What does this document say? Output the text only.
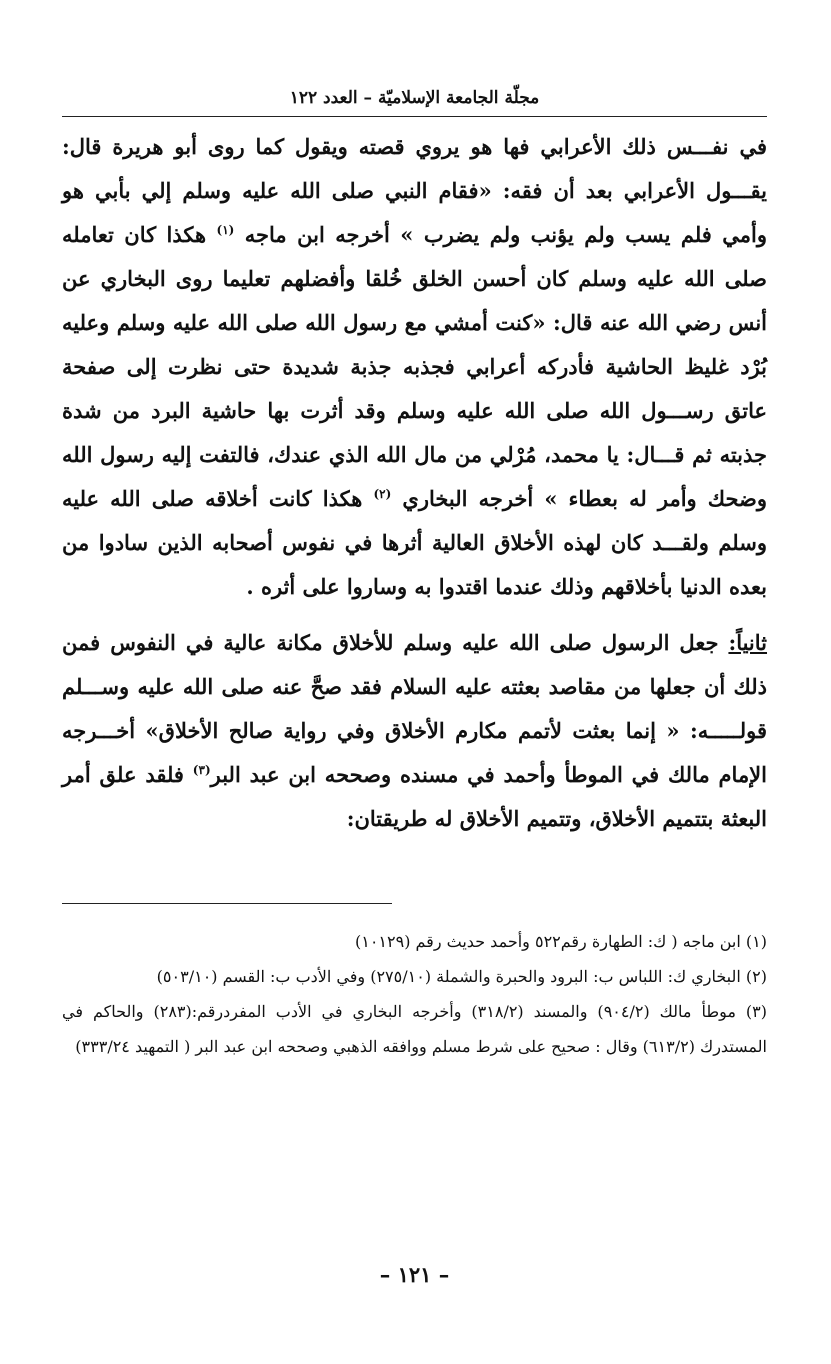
مجلّة الجامعة الإسلاميّة – العدد ١٢٢

في نفـــس ذلك الأعرابي فها هو يروي قصته ويقول كما روى أبو هريرة قال: يقـــول الأعرابي بعد أن فقه: «فقام النبي صلى الله عليه وسلم إلي بأبي هو وأمي فلم يسب ولم يؤنب ولم يضرب » أخرجه ابن ماجه $^{(١)}$ هكذا كان تعامله صلى الله عليه وسلم كان أحسن الخلق خُلقا وأفضلهم تعليما روى البخاري عن أنس رضي الله عنه قال: «كنت أمشي مع رسول الله صلى الله عليه وسلم وعليه بُرْد غليظ الحاشية فأدركه أعرابي فجذبه جذبة شديدة حتى نظرت إلى صفحة عاتق رســـول الله صلى الله عليه وسلم وقد أثرت بها حاشية البرد من شدة جذبته ثم قـــال: يا محمد، مُرْلي من مال الله الذي عندك، فالتفت إليه رسول الله وضحك وأمر له بعطاء » أخرجه البخاري $^{(٢)}$ هكذا كانت أخلاقه صلى الله عليه وسلم ولقـــد كان لهذه الأخلاق العالية أثرها في نفوس أصحابه الذين سادوا من بعده الدنيا بأخلاقهم وذلك عندما اقتدوا به وساروا على أثره .

ثانياً: جعل الرسول صلى الله عليه وسلم للأخلاق مكانة عالية في النفوس فمن ذلك أن جعلها من مقاصد بعثته عليه السلام فقد صحَّ عنه صلى الله عليه وســـلم قولـــــه: « إنما بعثت لأتمم مكارم الأخلاق وفي رواية صالح الأخلاق» أخـــرجه الإمام مالك في الموطأ وأحمد في مسنده وصححه ابن عبد البر$^{(٣)}$ فلقد علق أمر البعثة بتتميم الأخلاق، وتتميم الأخلاق له طريقتان:

(١) ابن ماجه ( ك: الطهارة رقم٥٢٢ وأحمد حديث رقم (١٠١٢٩)

(٢) البخاري ك: اللباس ب: البرود والحبرة والشملة (٢٧٥/١٠) وفي الأدب ب: القسم (٥٠٣/١٠)

(٣) موطأ مالك (٩٠٤/٢) والمسند (٣١٨/٢) وأخرجه البخاري في الأدب المفردرقم:(٢٨٣) والحاكم في المستدرك (٦١٣/٢) وقال : صحيح على شرط مسلم ووافقه الذهبي وصححه ابن عبد البر ( التمهيد ٣٣٣/٢٤)

– ١٢١ –
